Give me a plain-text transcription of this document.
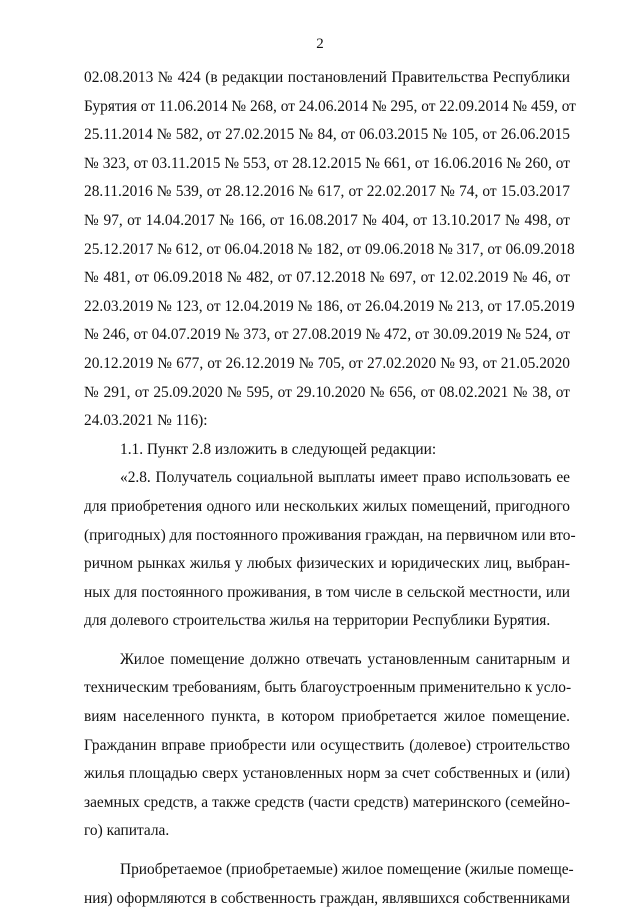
2
02.08.2013 № 424 (в редакции постановлений Правительства Республики
Бурятия от 11.06.2014 № 268, от 24.06.2014 № 295, от 22.09.2014 № 459, от
25.11.2014 № 582, от 27.02.2015 № 84, от 06.03.2015 № 105, от 26.06.2015
№ 323, от 03.11.2015 № 553, от 28.12.2015 № 661, от 16.06.2016 № 260, от
28.11.2016 № 539, от 28.12.2016 № 617, от 22.02.2017 № 74, от 15.03.2017
№ 97, от 14.04.2017 № 166, от 16.08.2017 № 404, от 13.10.2017 № 498, от
25.12.2017 № 612, от 06.04.2018 № 182, от 09.06.2018 № 317, от 06.09.2018
№ 481, от 06.09.2018 № 482, от 07.12.2018 № 697, от 12.02.2019 № 46, от
22.03.2019 № 123, от 12.04.2019 № 186, от 26.04.2019 № 213, от 17.05.2019
№ 246, от 04.07.2019 № 373, от 27.08.2019 № 472, от 30.09.2019 № 524, от
20.12.2019 № 677, от 26.12.2019 № 705, от 27.02.2020 № 93, от 21.05.2020
№ 291, от 25.09.2020 № 595, от 29.10.2020 № 656, от 08.02.2021 № 38, от
24.03.2021 № 116):
1.1. Пункт 2.8 изложить в следующей редакции:
«2.8. Получатель социальной выплаты имеет право использовать ее
для приобретения одного или нескольких жилых помещений, пригодного
(пригодных) для постоянного проживания граждан, на первичном или вто-
ричном рынках жилья у любых физических и юридических лиц, выбран-
ных для постоянного проживания, в том числе в сельской местности, или
для долевого строительства жилья на территории Республики Бурятия.
Жилое помещение должно отвечать установленным санитарным и
техническим требованиям, быть благоустроенным применительно к усло-
виям населенного пункта, в котором приобретается жилое помещение.
Гражданин вправе приобрести или осуществить (долевое) строительство
жилья площадью сверх установленных норм за счет собственных и (или)
заемных средств, а также средств (части средств) материнского (семейно-
го) капитала.
Приобретаемое (приобретаемые) жилое помещение (жилые помеще-
ния) оформляются в собственность граждан, являвшихся собственниками
